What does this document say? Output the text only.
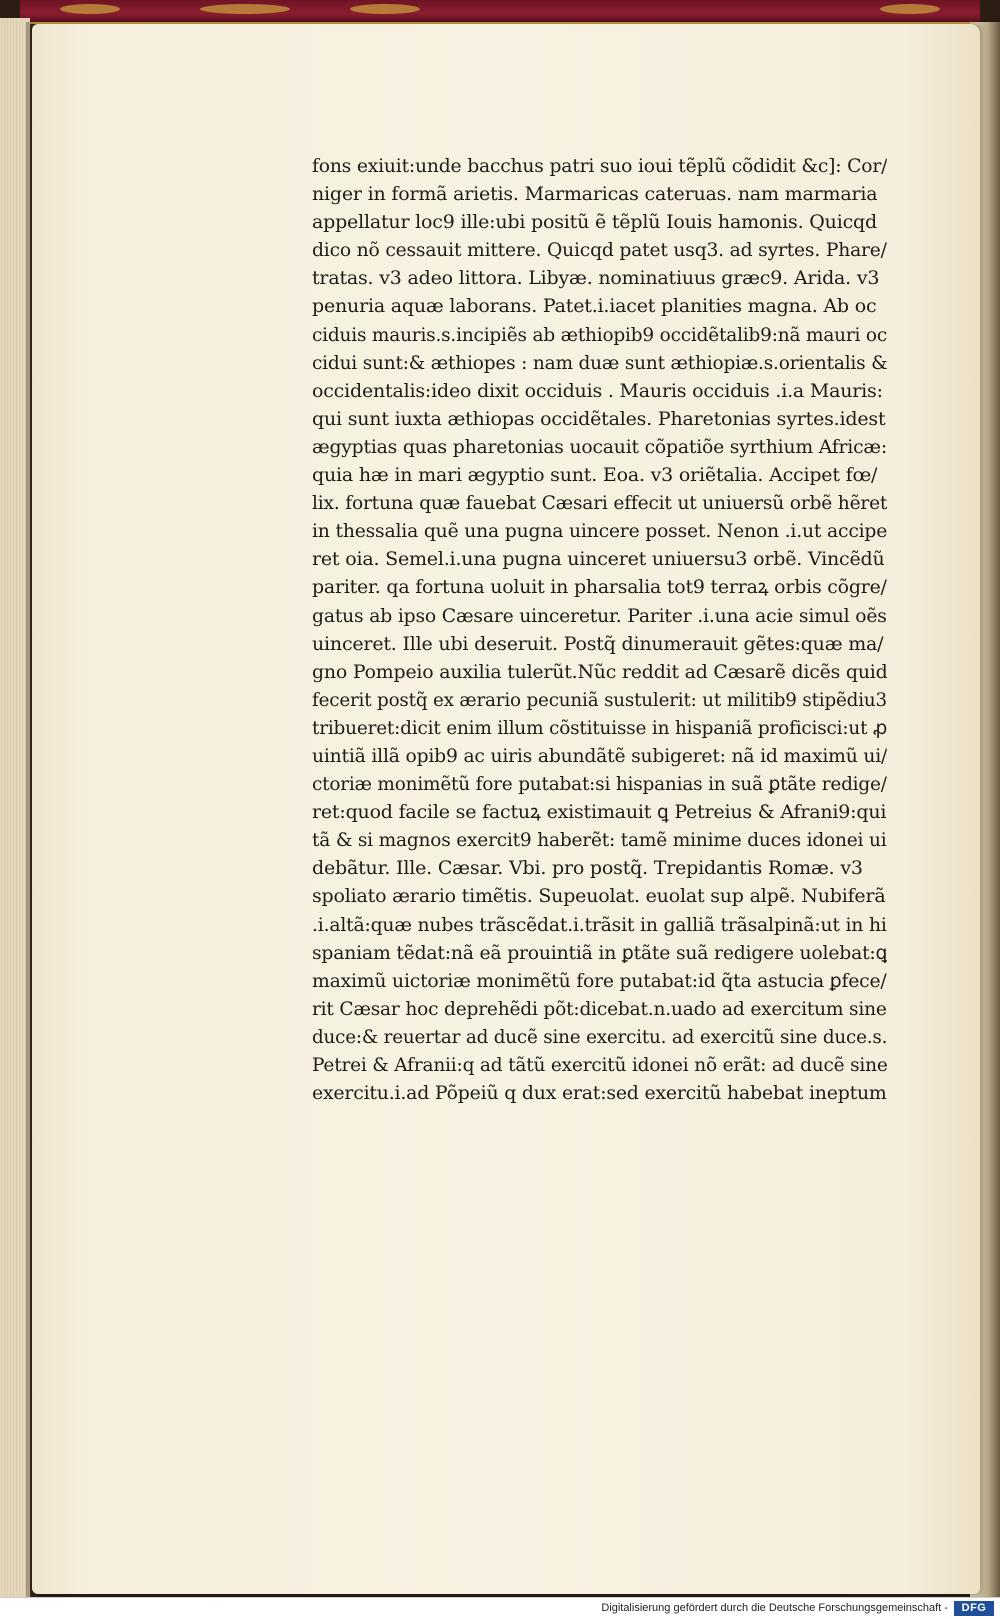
fons exiuit:unde bacchus patri suo ioui tẽplũ cõdidit &c]: Cor/
niger in formã arietis. Marmaricas cateruas. nam marmaria
appellatur loc9 ille:ubi positũ ẽ tẽplũ Iouis hamonis. Quicqd
dico nõ cessauit mittere. Quicqd patet usq3. ad syrtes. Phare/
tratas. v3 adeo littora. Libyæ. nominatiuus græc9. Arida. v3
penuria aquæ laborans. Patet.i.iacet planities magna. Ab oc
ciduis mauris.s.incipiẽs ab æthiopib9 occidẽtalib9:nã mauri oc
cidui sunt:& æthiopes : nam duæ sunt æthiopiæ.s.orientalis &
occidentalis:ideo dixit occiduis . Mauris occiduis .i.a Mauris:
qui sunt iuxta æthiopas occidẽtales. Pharetonias syrtes.idest
ægyptias quas pharetonias uocauit cõpatiõe syrthium Africæ:
quia hæ in mari ægyptio sunt. Eoa. v3 oriẽtalia. Accipet fœ/
lix. fortuna quæ fauebat Cæsari effecit ut uniuersũ orbẽ hẽret
in thessalia quẽ una pugna uincere posset. Nenon .i.ut accipe
ret oia. Semel.i.una pugna uinceret uniuersu3 orbẽ. Vincẽdũ
pariter. qa fortuna uoluit in pharsalia tot9 terraꝝ orbis cõgre/
gatus ab ipso Cæsare uinceretur. Pariter .i.una acie simul oẽs
uinceret. Ille ubi deseruit. Postq̃ dinumerauit gẽtes:quæ ma/
gno Pompeio auxilia tulerũt.Nũc reddit ad Cæsarẽ dicẽs quid
fecerit postq̃ ex ærario pecuniã sustulerit: ut militib9 stipẽdiu3
tribueret:dicit enim illum cõstituisse in hispaniã proficisci:ut ꝓ
uintiã illã opib9 ac uiris abundãtẽ subigeret: nã id maximũ ui/
ctoriæ monimẽtũ fore putabat:si hispanias in suã ꝑtãte redige/
ret:quod facile se factuꝝ existimauit ꝗ Petreius & Afrani9:qui
tã & si magnos exercit9 haberẽt: tamẽ minime duces idonei ui
debãtur. Ille. Cæsar. Vbi. pro postq̃. Trepidantis Romæ. v3
spoliato ærario timẽtis. Supeuolat. euolat sup alpẽ. Nubiferã
.i.altã:quæ nubes trãscẽdat.i.trãsit in galliã trãsalpinã:ut in hi
spaniam tẽdat:nã eã prouintiã in ꝑtãte suã redigere uolebat:ꝗ
maximũ uictoriæ monimẽtũ fore putabat:id q̃ta astucia ꝑfece/
rit Cæsar hoc deprehẽdi põt:dicebat.n.uado ad exercitum sine
duce:& reuertar ad ducẽ sine exercitu. ad exercitũ sine duce.s.
Petrei & Afranii:q ad tãtũ exercitũ idonei nõ erãt: ad ducẽ sine
exercitu.i.ad Põpeiũ q dux erat:sed exercitũ habebat ineptum
Digitalisierung gefördert durch die Deutsche Forschungsgemeinschaft -	DFG
